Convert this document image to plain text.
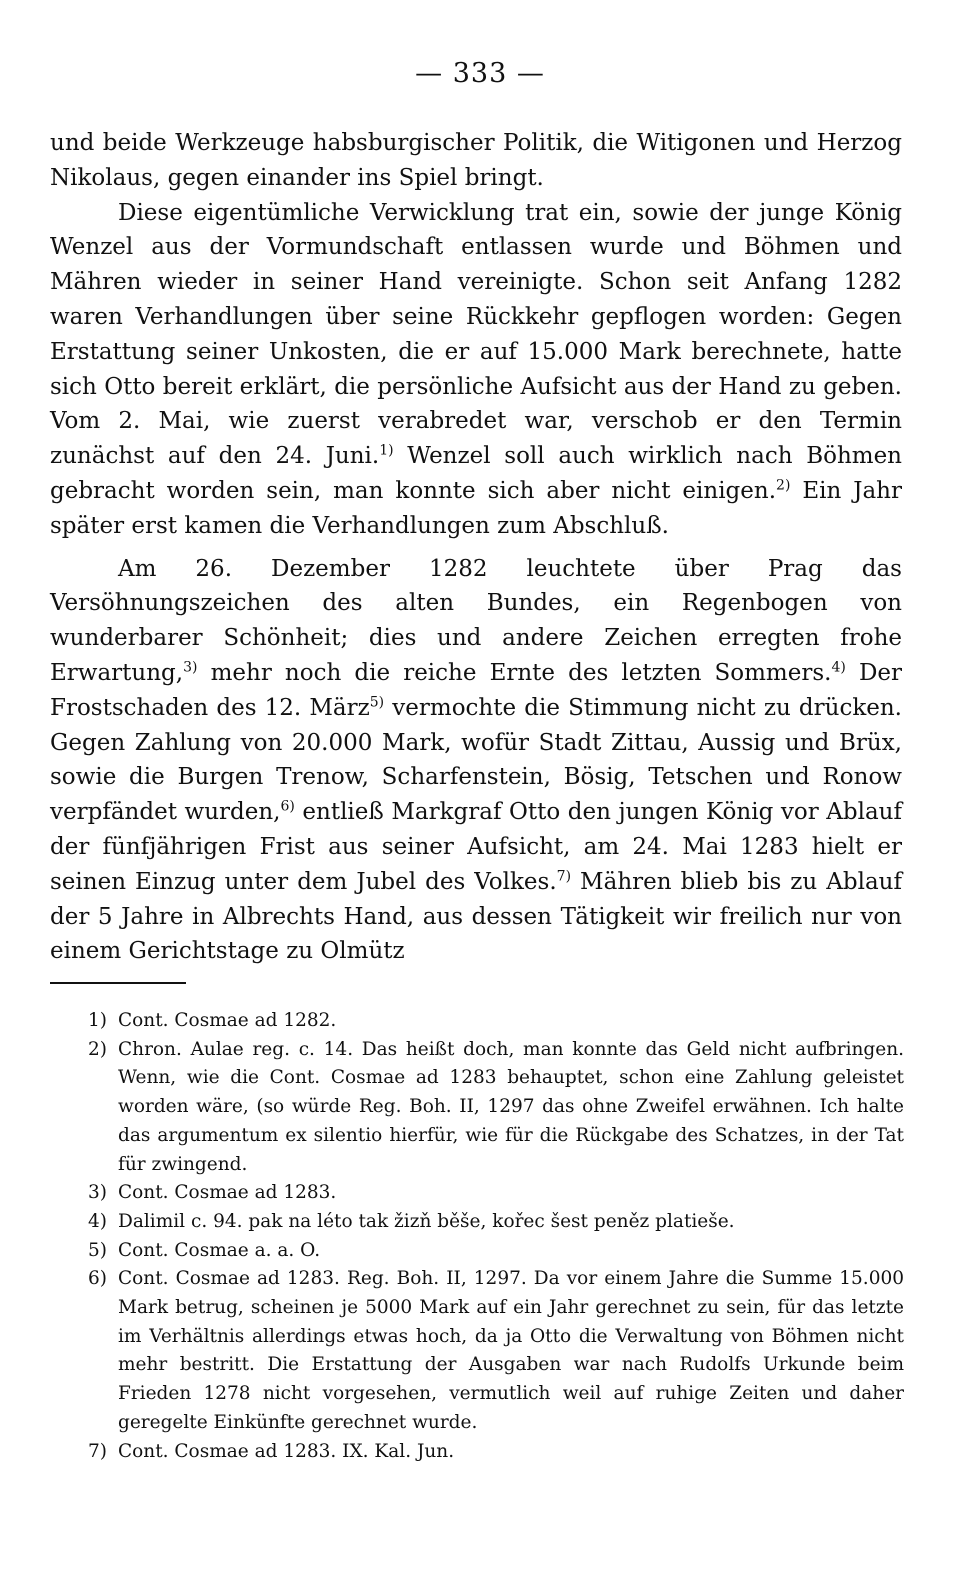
— 333 —

und beide Werkzeuge habsburgischer Politik, die Witigonen und Herzog Nikolaus, gegen einander ins Spiel bringt.

Diese eigentümliche Verwicklung trat ein, sowie der junge König Wenzel aus der Vormundschaft entlassen wurde und Böhmen und Mähren wieder in seiner Hand vereinigte. Schon seit Anfang 1282 waren Verhandlungen über seine Rückkehr gepflogen worden: Gegen Erstattung seiner Unkosten, die er auf 15.000 Mark berechnete, hatte sich Otto bereit erklärt, die persönliche Aufsicht aus der Hand zu geben. Vom 2. Mai, wie zuerst verabredet war, verschob er den Termin zunächst auf den 24. Juni.$^{1)}$ Wenzel soll auch wirklich nach Böhmen gebracht worden sein, man konnte sich aber nicht einigen.$^{2)}$ Ein Jahr später erst kamen die Verhandlungen zum Abschluß.

Am 26. Dezember 1282 leuchtete über Prag das Versöhnungszeichen des alten Bundes, ein Regenbogen von wunderbarer Schönheit; dies und andere Zeichen erregten frohe Erwartung,$^{3)}$ mehr noch die reiche Ernte des letzten Sommers.$^{4)}$ Der Frostschaden des 12. März$^{5)}$ vermochte die Stimmung nicht zu drücken. Gegen Zahlung von 20.000 Mark, wofür Stadt Zittau, Aussig und Brüx, sowie die Burgen Trenow, Scharfenstein, Bösig, Tetschen und Ronow verpfändet wurden,$^{6)}$ entließ Markgraf Otto den jungen König vor Ablauf der fünfjährigen Frist aus seiner Aufsicht, am 24. Mai 1283 hielt er seinen Einzug unter dem Jubel des Volkes.$^{7)}$ Mähren blieb bis zu Ablauf der 5 Jahre in Albrechts Hand, aus dessen Tätigkeit wir freilich nur von einem Gerichtstage zu Olmütz

1) Cont. Cosmae ad 1282.
2) Chron. Aulae reg. c. 14. Das heißt doch, man konnte das Geld nicht aufbringen. Wenn, wie die Cont. Cosmae ad 1283 behauptet, schon eine Zahlung geleistet worden wäre, (so würde Reg. Boh. II, 1297 das ohne Zweifel erwähnen. Ich halte das argumentum ex silentio hierfür, wie für die Rückgabe des Schatzes, in der Tat für zwingend.
3) Cont. Cosmae ad 1283.
4) Dalimil c. 94. pak na léto tak žizň běše, kořec šest peněz platieše.
5) Cont. Cosmae a. a. O.
6) Cont. Cosmae ad 1283. Reg. Boh. II, 1297. Da vor einem Jahre die Summe 15.000 Mark betrug, scheinen je 5000 Mark auf ein Jahr gerechnet zu sein, für das letzte im Verhältnis allerdings etwas hoch, da ja Otto die Verwaltung von Böhmen nicht mehr bestritt. Die Erstattung der Ausgaben war nach Rudolfs Urkunde beim Frieden 1278 nicht vorgesehen, vermutlich weil auf ruhige Zeiten und daher geregelte Einkünfte gerechnet wurde.
7) Cont. Cosmae ad 1283. IX. Kal. Jun.
